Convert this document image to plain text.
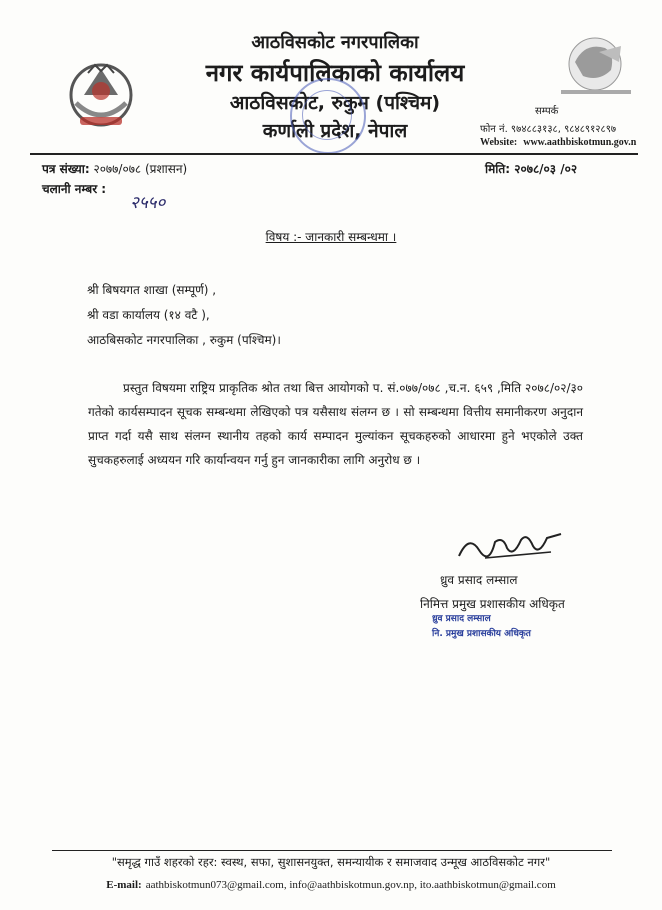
आठविसकोट नगरपालिका

नगर कार्यपालिकाको कार्यालय

आठविसकोट, रुकुम (पश्चिम)

कर्णाली प्रदेश, नेपाल

सम्पर्क
फोन नं. ९७४८८३१३८, ९८४८९१२८९७
Website: www.aathbiskotmun.gov.n
पत्र संख्या: २०७७/०७८ (प्रशासन)	मिति: २०७८/०३ /०२
चलानी नम्बर :
२५५०
विषय :- जानकारी सम्बन्धमा ।
श्री बिषयगत शाखा (सम्पूर्ण) ,
श्री वडा कार्यालय (१४ वटै ),
आठबिसकोट नगरपालिका , रुकुम (पश्चिम)।

प्रस्तुत विषयमा राष्ट्रिय प्राकृतिक श्रोत तथा बित्त आयोगको प. सं.०७७/०७८ ,च.न. ६५९ ,मिति २०७८/०२/३० गतेको कार्यसम्पादन सूचक सम्बन्धमा लेखिएको पत्र यसैसाथ संलग्न छ । सो सम्बन्धमा वित्तीय समानीकरण अनुदान प्राप्त गर्दा यसै साथ संलग्न स्थानीय तहको कार्य सम्पादन मुल्यांकन सूचकहरुको आधारमा हुने भएकोले उक्त सुचकहरुलाई अध्ययन गरि कार्यान्वयन गर्नु हुन जानकारीका लागि अनुरोध छ ।

ध्रुव प्रसाद लम्साल
निमित्त प्रमुख प्रशासकीय अधिकृत
ध्रुव प्रसाद लम्साल
नि. प्रमुख प्रशासकीय अधिकृत
"समृद्ध गाउँ शहरको रहर: स्वस्थ, सफा, सुशासनयुक्त, समन्यायीक र समाजवाद उन्मूख आठविसकोट नगर"
E-mail: aathbiskotmun073@gmail.com, info@aathbiskotmun.gov.np, ito.aathbiskotmun@gmail.com
